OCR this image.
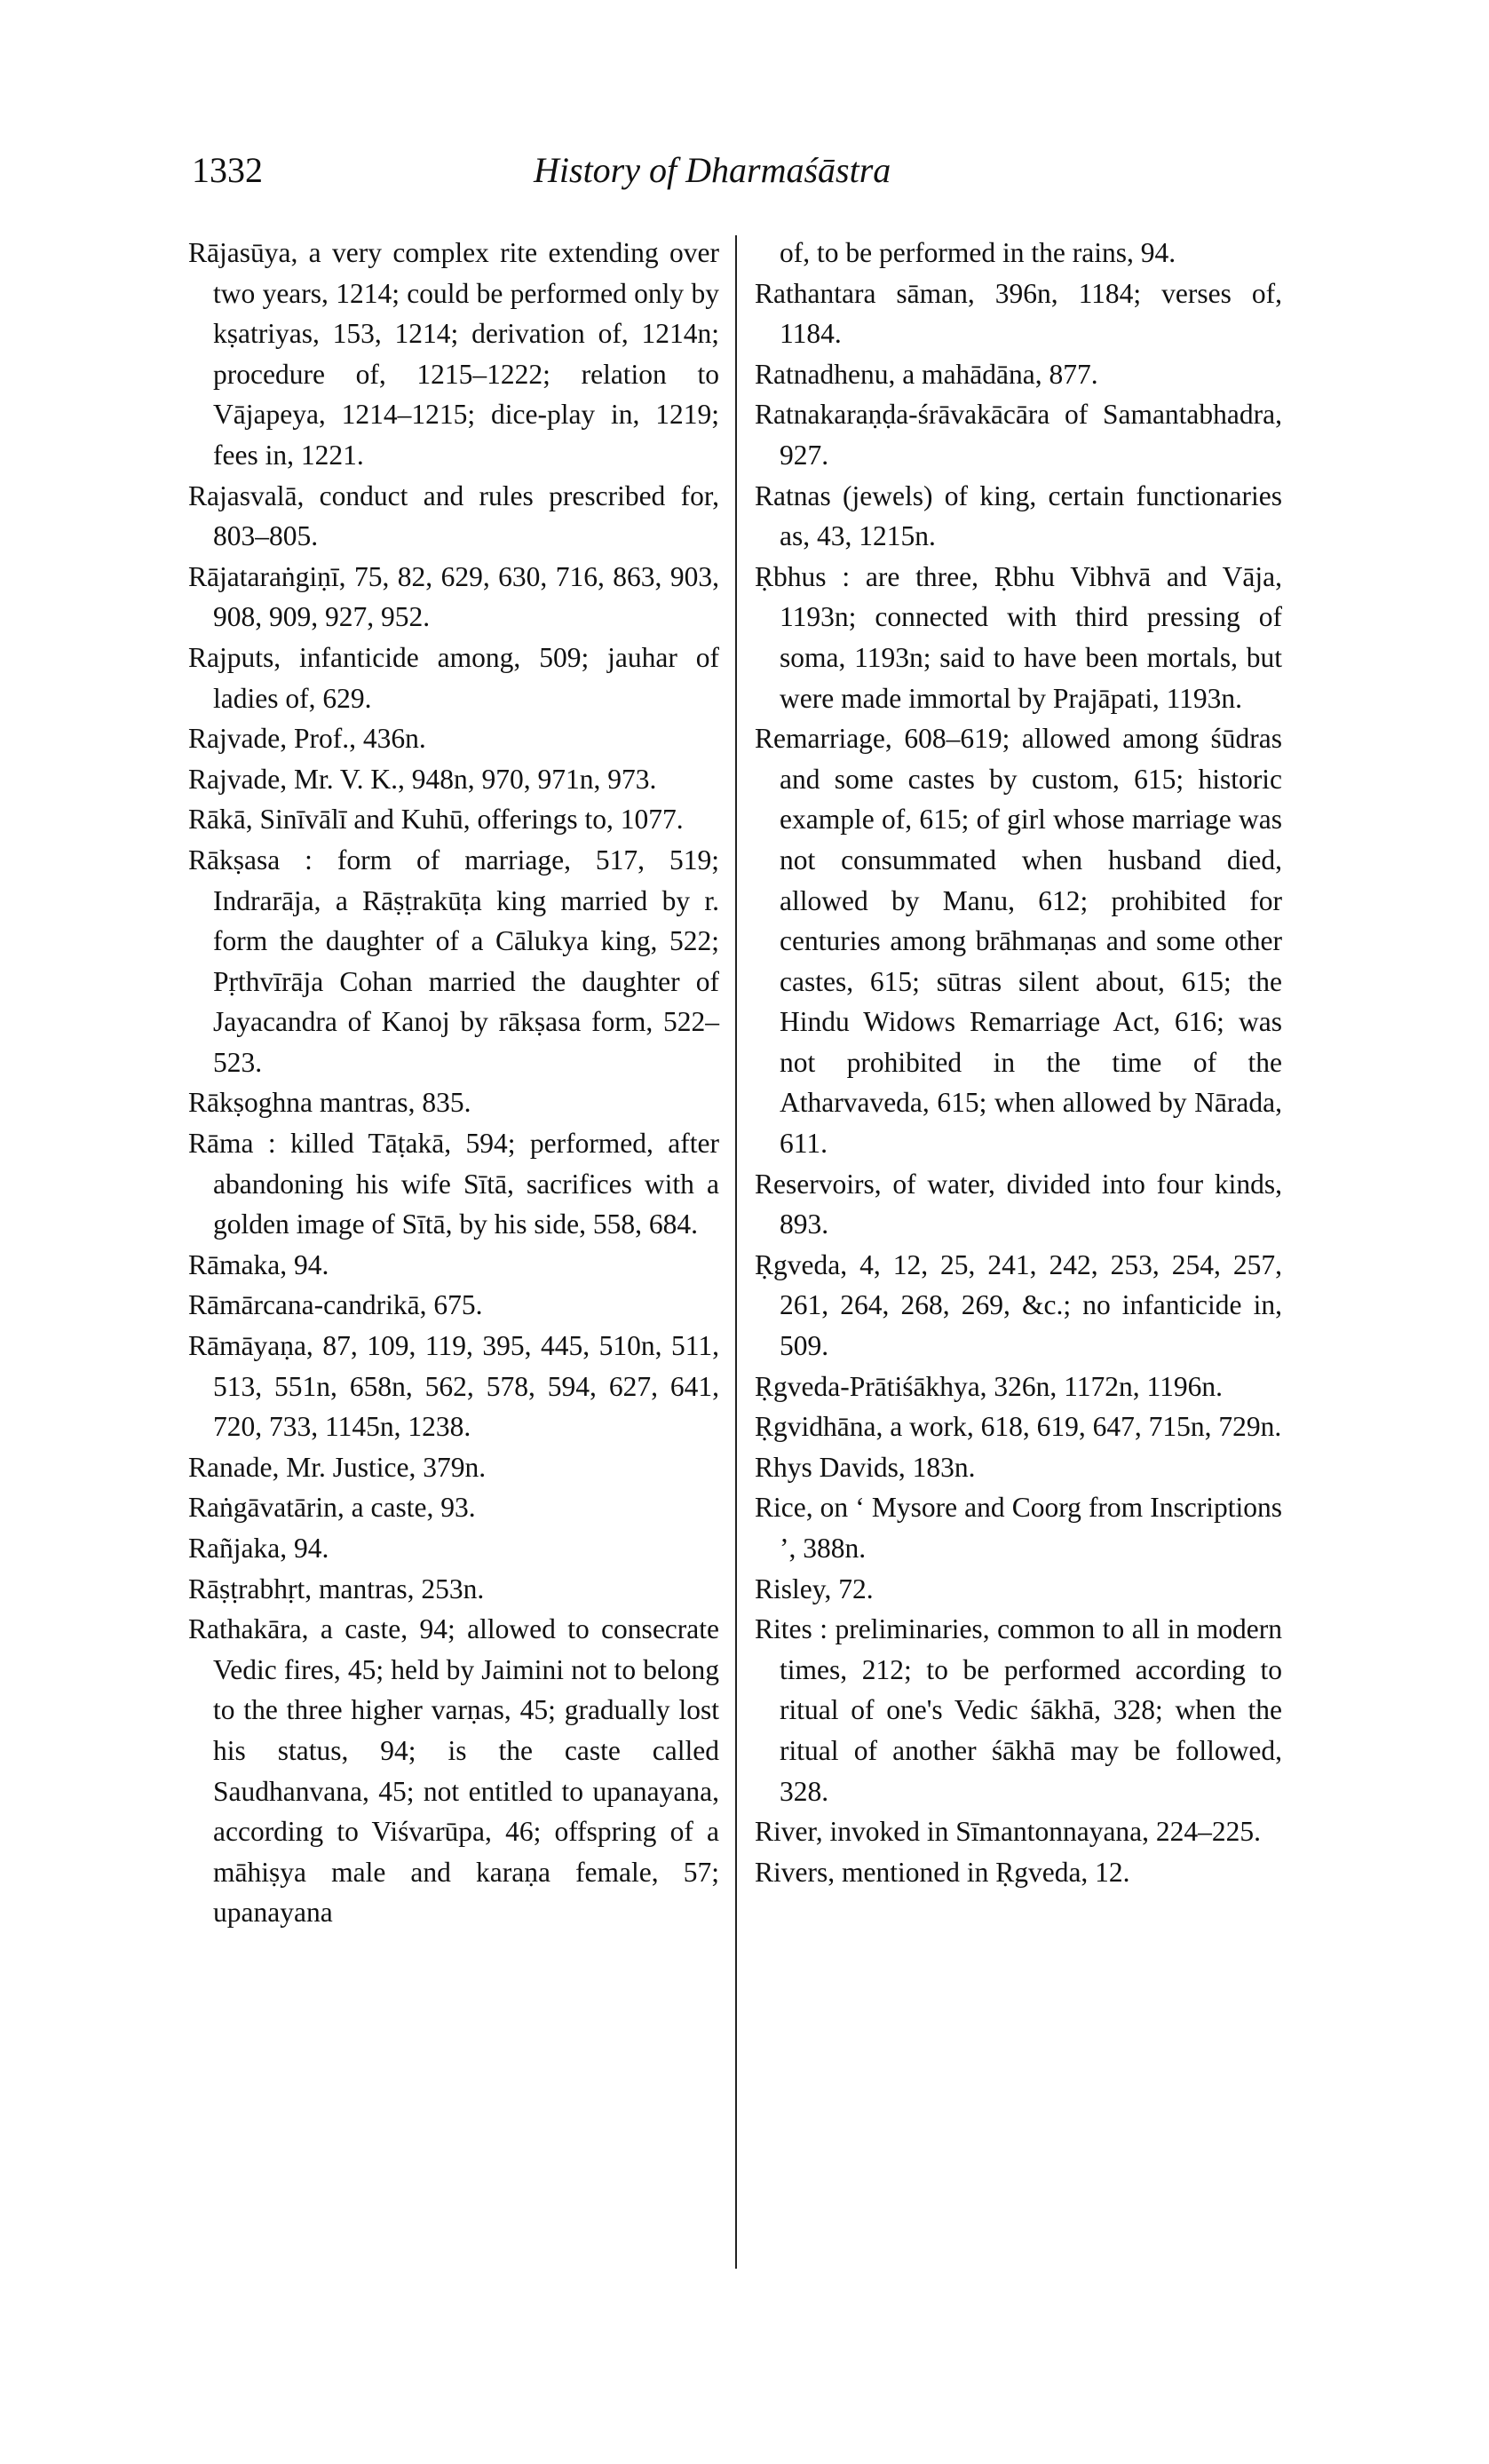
1332	History of Dharmaśāstra
Rājasūya, a very complex rite extending over two years, 1214; could be performed only by kṣatriyas, 153, 1214; derivation of, 1214n; procedure of, 1215–1222; relation to Vājapeya, 1214–1215; dice-play in, 1219; fees in, 1221.
Rajasvalā, conduct and rules prescribed for, 803–805.
Rājataraṅgiṇī, 75, 82, 629, 630, 716, 863, 903, 908, 909, 927, 952.
Rajputs, infanticide among, 509; jauhar of ladies of, 629.
Rajvade, Prof., 436n.
Rajvade, Mr. V. K., 948n, 970, 971n, 973.
Rākā, Sinīvālī and Kuhū, offerings to, 1077.
Rākṣasa : form of marriage, 517, 519; Indrarāja, a Rāṣṭrakūṭa king married by r. form the daughter of a Cālukya king, 522; Pṛthvīrāja Cohan married the daughter of Jayacandra of Kanoj by rākṣasa form, 522–523.
Rākṣoghna mantras, 835.
Rāma : killed Tāṭakā, 594; performed, after abandoning his wife Sītā, sacrifices with a golden image of Sītā, by his side, 558, 684.
Rāmaka, 94.
Rāmārcana-candrikā, 675.
Rāmāyaṇa, 87, 109, 119, 395, 445, 510n, 511, 513, 551n, 658n, 562, 578, 594, 627, 641, 720, 733, 1145n, 1238.
Ranade, Mr. Justice, 379n.
Raṅgāvatārin, a caste, 93.
Rañjaka, 94.
Rāṣṭrabhṛt, mantras, 253n.
Rathakāra, a caste, 94; allowed to consecrate Vedic fires, 45; held by Jaimini not to belong to the three higher varṇas, 45; gradually lost his status, 94; is the caste called Saudhanvana, 45; not entitled to upanayana, according to Viśvarūpa, 46; offspring of a māhiṣya male and karaṇa female, 57; upanayana
of, to be performed in the rains, 94.
Rathantara sāman, 396n, 1184; verses of, 1184.
Ratnadhenu, a mahādāna, 877.
Ratnakaraṇḍa-śrāvakācāra of Samantabhadra, 927.
Ratnas (jewels) of king, certain functionaries as, 43, 1215n.
Ṛbhus : are three, Ṛbhu Vibhvā and Vāja, 1193n; connected with third pressing of soma, 1193n; said to have been mortals, but were made immortal by Prajāpati, 1193n.
Remarriage, 608–619; allowed among śūdras and some castes by custom, 615; historic example of, 615; of girl whose marriage was not consummated when husband died, allowed by Manu, 612; prohibited for centuries among brāhmaṇas and some other castes, 615; sūtras silent about, 615; the Hindu Widows Remarriage Act, 616; was not prohibited in the time of the Atharvaveda, 615; when allowed by Nārada, 611.
Reservoirs, of water, divided into four kinds, 893.
Ṛgveda, 4, 12, 25, 241, 242, 253, 254, 257, 261, 264, 268, 269, &c.; no infanticide in, 509.
Ṛgveda-Prātiśākhya, 326n, 1172n, 1196n.
Ṛgvidhāna, a work, 618, 619, 647, 715n, 729n.
Rhys Davids, 183n.
Rice, on ‘ Mysore and Coorg from Inscriptions ’, 388n.
Risley, 72.
Rites : preliminaries, common to all in modern times, 212; to be performed according to ritual of one's Vedic śākhā, 328; when the ritual of another śākhā may be followed, 328.
River, invoked in Sīmantonnayana, 224–225.
Rivers, mentioned in Ṛgveda, 12.
